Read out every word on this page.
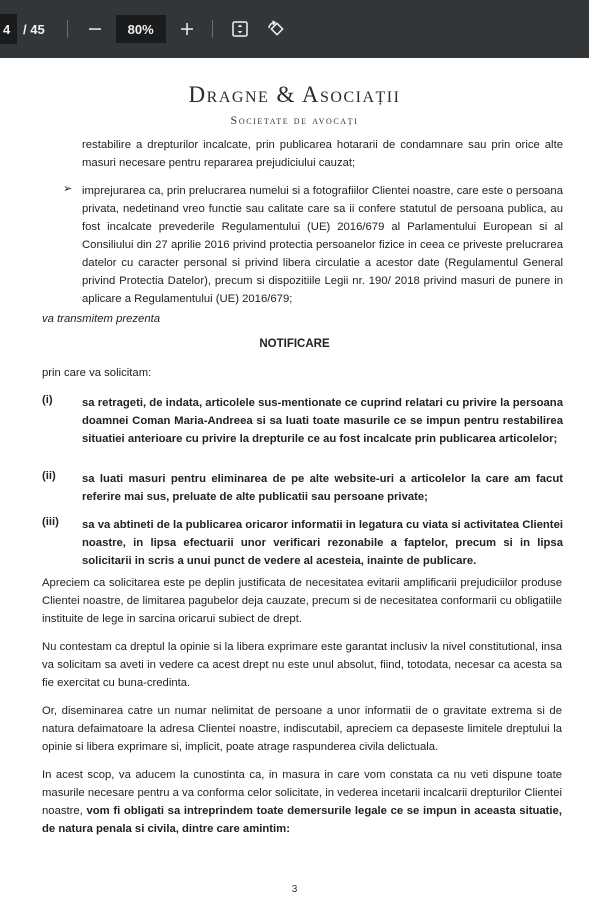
4 / 45	80%
Dragne & Asociații
Societate de avocați
restabilire a drepturilor incalcate, prin publicarea hotararii de condamnare sau prin orice alte masuri necesare pentru repararea prejudiciului cauzat;
➢ imprejurarea ca, prin prelucrarea numelui si a fotografiilor Clientei noastre, care este o persoana privata, nedetinand vreo functie sau calitate care sa ii confere statutul de persoana publica, au fost incalcate prevederile Regulamentului (UE) 2016/679 al Parlamentului European si al Consiliului din 27 aprilie 2016 privind protectia persoanelor fizice in ceea ce priveste prelucrarea datelor cu caracter personal si privind libera circulatie a acestor date (Regulamentul General privind Protectia Datelor), precum si dispozitiile Legii nr. 190/ 2018 privind masuri de punere in aplicare a Regulamentului (UE) 2016/679;
va transmitem prezenta
NOTIFICARE
prin care va solicitam:
(i)	sa retrageti, de indata, articolele sus-mentionate ce cuprind relatari cu privire la persoana doamnei Coman Maria-Andreea si sa luati toate masurile ce se impun pentru restabilirea situatiei anterioare cu privire la drepturile ce au fost incalcate prin publicarea articolelor;
(ii) sa luati masuri pentru eliminarea de pe alte website-uri a articolelor la care am facut referire mai sus, preluate de alte publicatii sau persoane private;
(iii) sa va abtineti de la publicarea oricaror informatii in legatura cu viata si activitatea Clientei noastre, in lipsa efectuarii unor verificari rezonabile a faptelor, precum si in lipsa solicitarii in scris a unui punct de vedere al acesteia, inainte de publicare.
Apreciem ca solicitarea este pe deplin justificata de necesitatea evitarii amplificarii prejudiciilor produse Clientei noastre, de limitarea pagubelor deja cauzate, precum si de necesitatea conformarii cu obligatiile instituite de lege in sarcina oricarui subiect de drept.
Nu contestam ca dreptul la opinie si la libera exprimare este garantat inclusiv la nivel constitutional, insa va solicitam sa aveti in vedere ca acest drept nu este unul absolut, fiind, totodata, necesar ca acesta sa fie exercitat cu buna-credinta.
Or, diseminarea catre un numar nelimitat de persoane a unor informatii de o gravitate extrema si de natura defaimatoare la adresa Clientei noastre, indiscutabil, apreciem ca depaseste limitele dreptului la opinie si libera exprimare si, implicit, poate atrage raspunderea civila delictuala.
In acest scop, va aducem la cunostinta ca, in masura in care vom constata ca nu veti dispune toate masurile necesare pentru a va conforma celor solicitate, in vederea incetarii incalcarii drepturilor Clientei noastre, vom fi obligati sa intreprindem toate demersurile legale ce se impun in aceasta situatie, de natura penala si civila, dintre care amintim:
3
